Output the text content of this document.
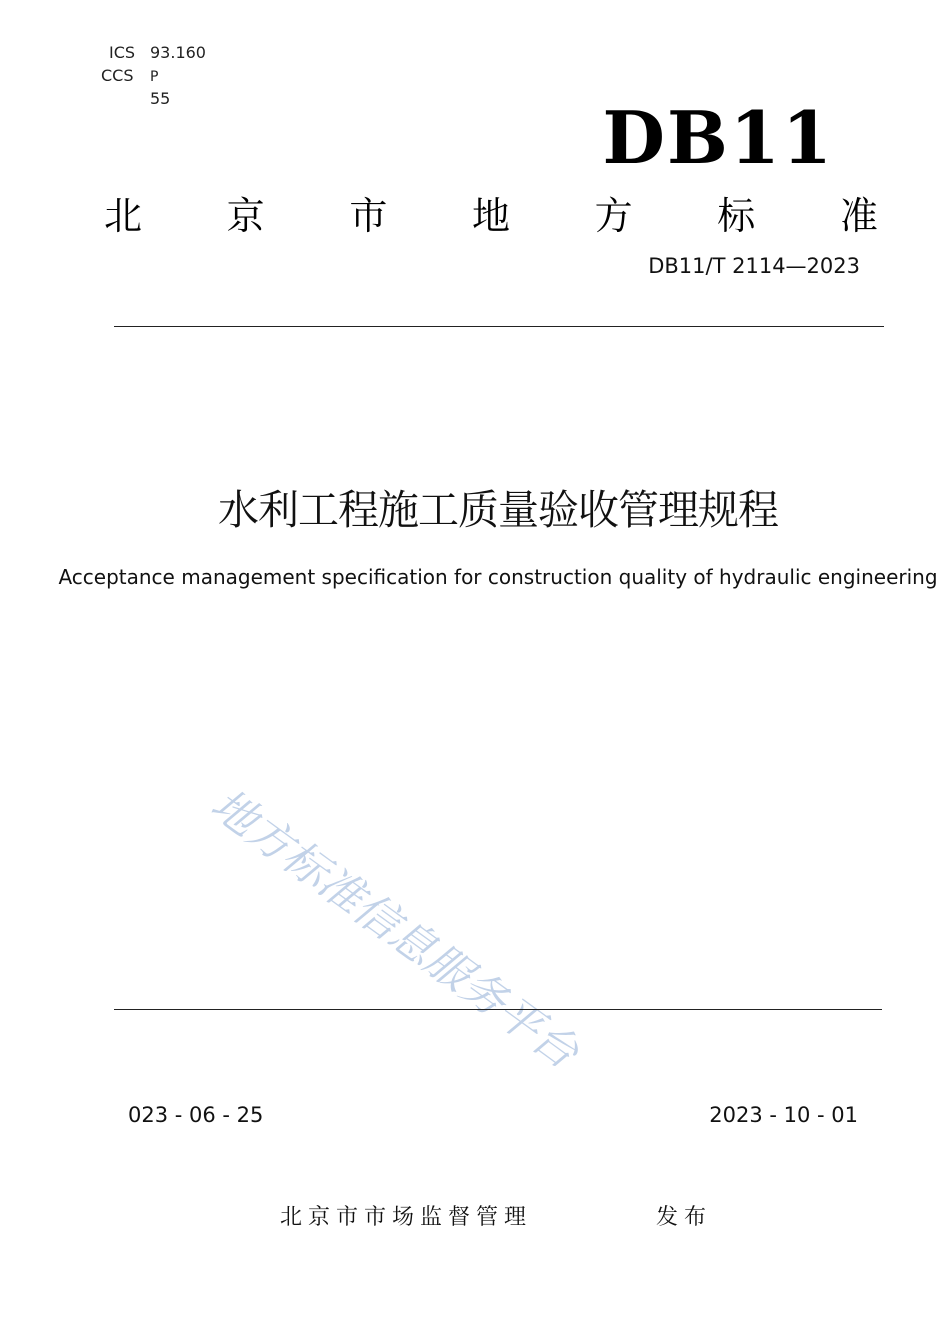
ICS 93.160
CCS P
55	DB11
北 京 市 地 方 标 准
DB11/T 2114—2023
水利工程施工质量验收管理规程
Acceptance management specification for construction quality of hydraulic engineering
地方标准信息服务平台
023 - 06 - 25	2023 - 10 - 01
北京市市场监督管理	发布
